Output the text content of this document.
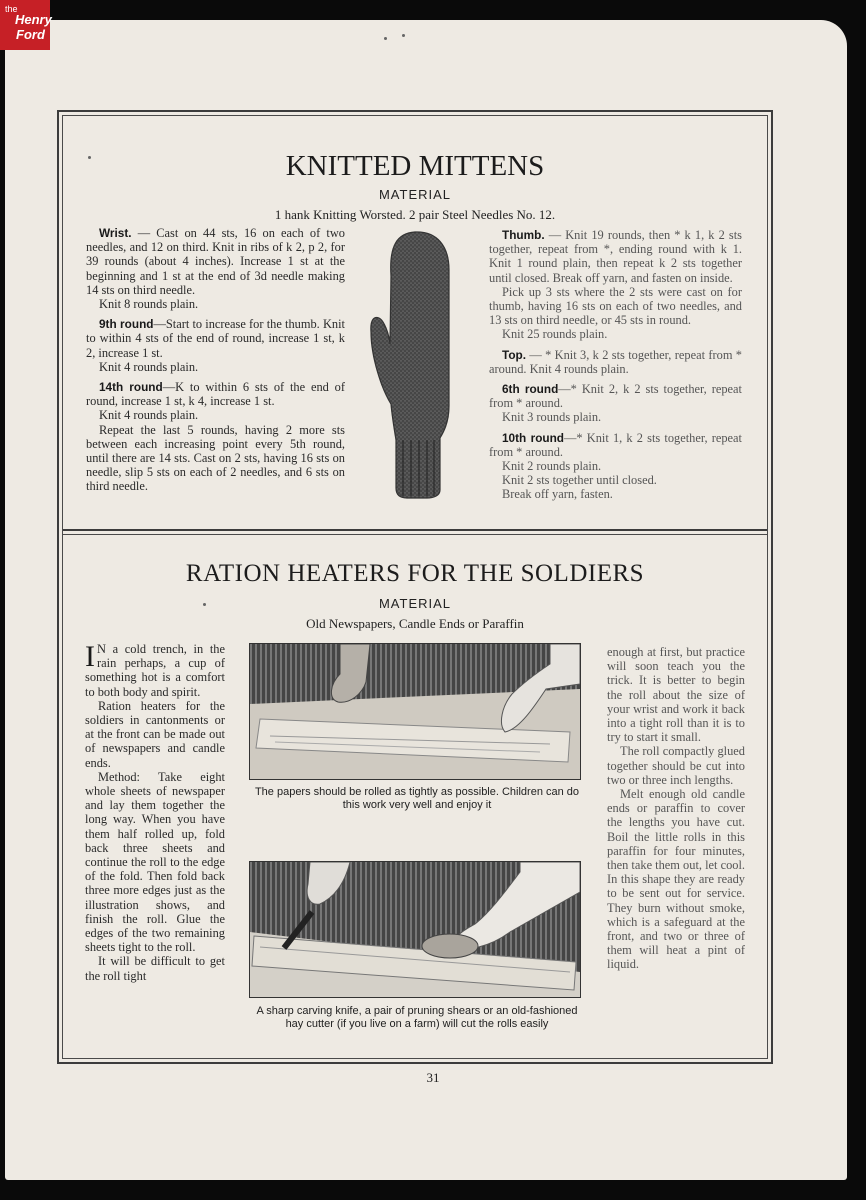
the
Henry
Ford
KNITTED MITTENS
MATERIAL
1 hank Knitting Worsted. 2 pair Steel Needles No. 12.

Wrist. — Cast on 44 sts, 16 on each of two needles, and 12 on third. Knit in ribs of k 2, p 2, for 39 rounds (about 4 inches). Increase 1 st at the beginning and 1 st at the end of 3d needle making 14 sts on third needle.

Knit 8 rounds plain.

9th round—Start to increase for the thumb. Knit to within 4 sts of the end of round, increase 1 st, k 2, increase 1 st.

Knit 4 rounds plain.

14th round—K to within 6 sts of the end of round, increase 1 st, k 4, increase 1 st.

Knit 4 rounds plain.

Repeat the last 5 rounds, having 2 more sts between each increasing point every 5th round, until there are 14 sts. Cast on 2 sts, having 16 sts on needle, slip 5 sts on each of 2 needles, and 6 sts on third needle.

Thumb. — Knit 19 rounds, then * k 1, k 2 sts together, repeat from *, ending round with k 1. Knit 1 round plain, then repeat k 2 sts together until closed. Break off yarn, and fasten on inside.

Pick up 3 sts where the 2 sts were cast on for thumb, having 16 sts on each of two needles, and 13 sts on third needle, or 45 sts in round.

Knit 25 rounds plain.

Top. — * Knit 3, k 2 sts together, repeat from * around. Knit 4 rounds plain.

6th round—* Knit 2, k 2 sts together, repeat from * around.

Knit 3 rounds plain.

10th round—* Knit 1, k 2 sts together, repeat from * around.

Knit 2 rounds plain.

Knit 2 sts together until closed.

Break off yarn, fasten.

RATION HEATERS FOR THE SOLDIERS
MATERIAL
Old Newspapers, Candle Ends or Paraffin

I N a cold trench, in the rain perhaps, a cup of something hot is a comfort to both body and spirit.

Ration heaters for the soldiers in cantonments or at the front can be made out of newspapers and candle ends.

Method: Take eight whole sheets of newspaper and lay them together the long way. When you have them half rolled up, fold back three sheets and continue the roll to the edge of the fold. Then fold back three more edges just as the illustration shows, and finish the roll. Glue the edges of the two remaining sheets tight to the roll.

It will be difficult to get the roll tight

The papers should be rolled as tightly as possible. Children can do this work very well and enjoy it
A sharp carving knife, a pair of pruning shears or an old-fashioned hay cutter (if you live on a farm) will cut the rolls easily

enough at first, but practice will soon teach you the trick. It is better to begin the roll about the size of your wrist and work it back into a tight roll than it is to try to start it small.

The roll compactly glued together should be cut into two or three inch lengths.

Melt enough old candle ends or paraffin to cover the lengths you have cut. Boil the little rolls in this paraffin for four minutes, then take them out, let cool. In this shape they are ready to be sent out for service. They burn without smoke, which is a safeguard at the front, and two or three of them will heat a pint of liquid.

31
